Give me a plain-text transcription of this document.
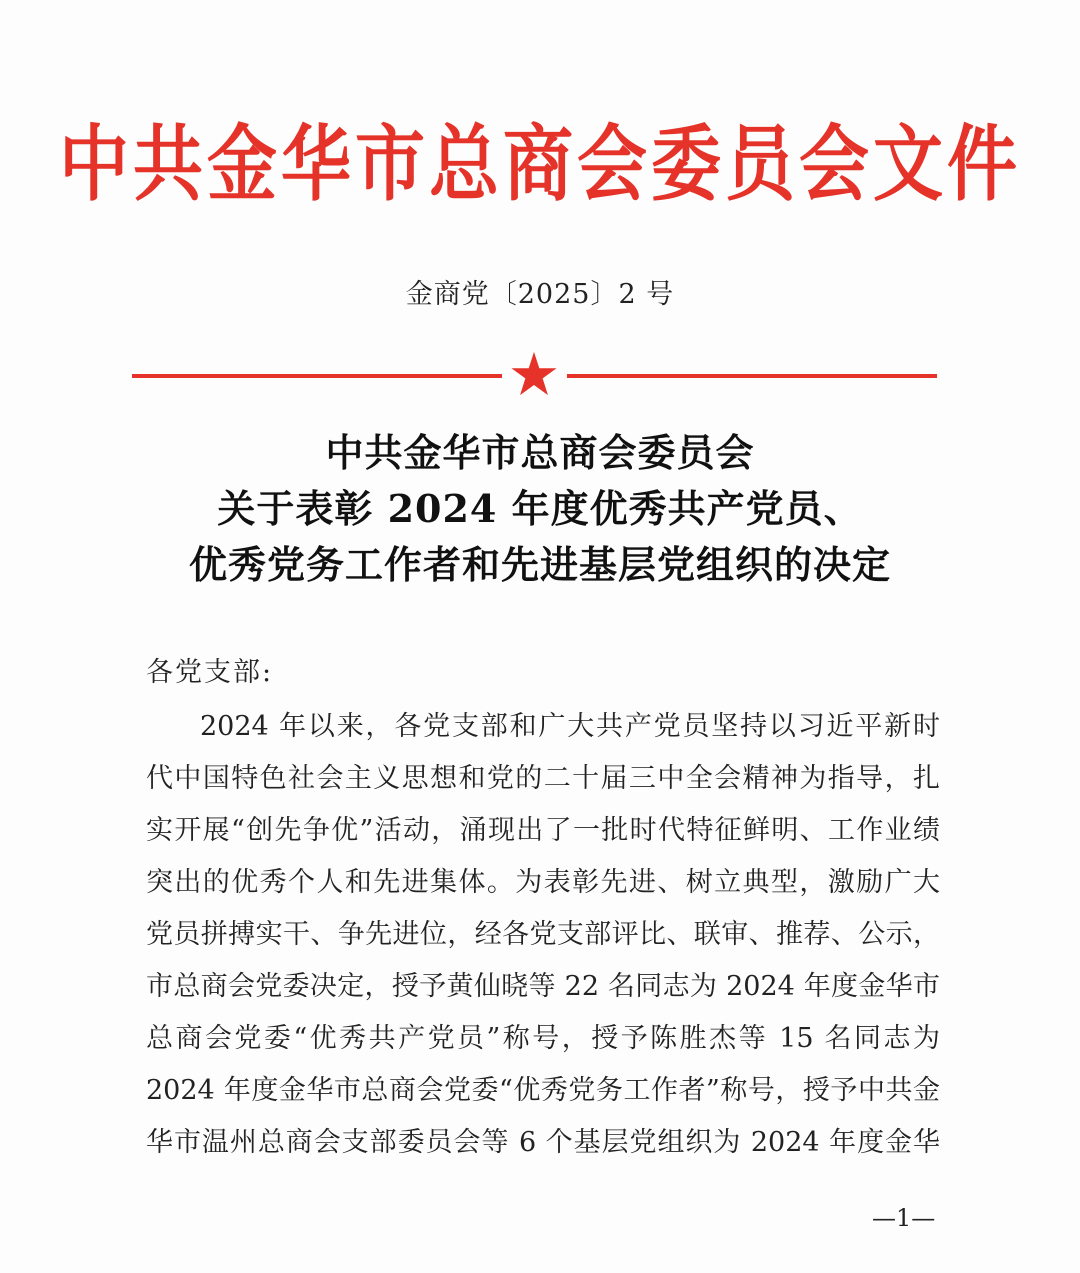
中共金华市总商会委员会文件
金商党〔2025〕2 号
中共金华市总商会委员会
关于表彰 2024 年度优秀共产党员、
优秀党务工作者和先进基层党组织的决定
各党支部:
2024 年以来，各党支部和广大共产党员坚持以习近平新时
代中国特色社会主义思想和党的二十届三中全会精神为指导，扎
实开展“创先争优”活动，涌现出了一批时代特征鲜明、工作业绩
突出的优秀个人和先进集体。为表彰先进、树立典型，激励广大
党员拼搏实干、争先进位，经各党支部评比、联审、推荐、公示，
市总商会党委决定，授予黄仙晓等 22 名同志为 2024 年度金华市
总商会党委“优秀共产党员”称号，授予陈胜杰等 15 名同志为
2024 年度金华市总商会党委“优秀党务工作者”称号，授予中共金
华市温州总商会支部委员会等 6 个基层党组织为 2024 年度金华
—1—
